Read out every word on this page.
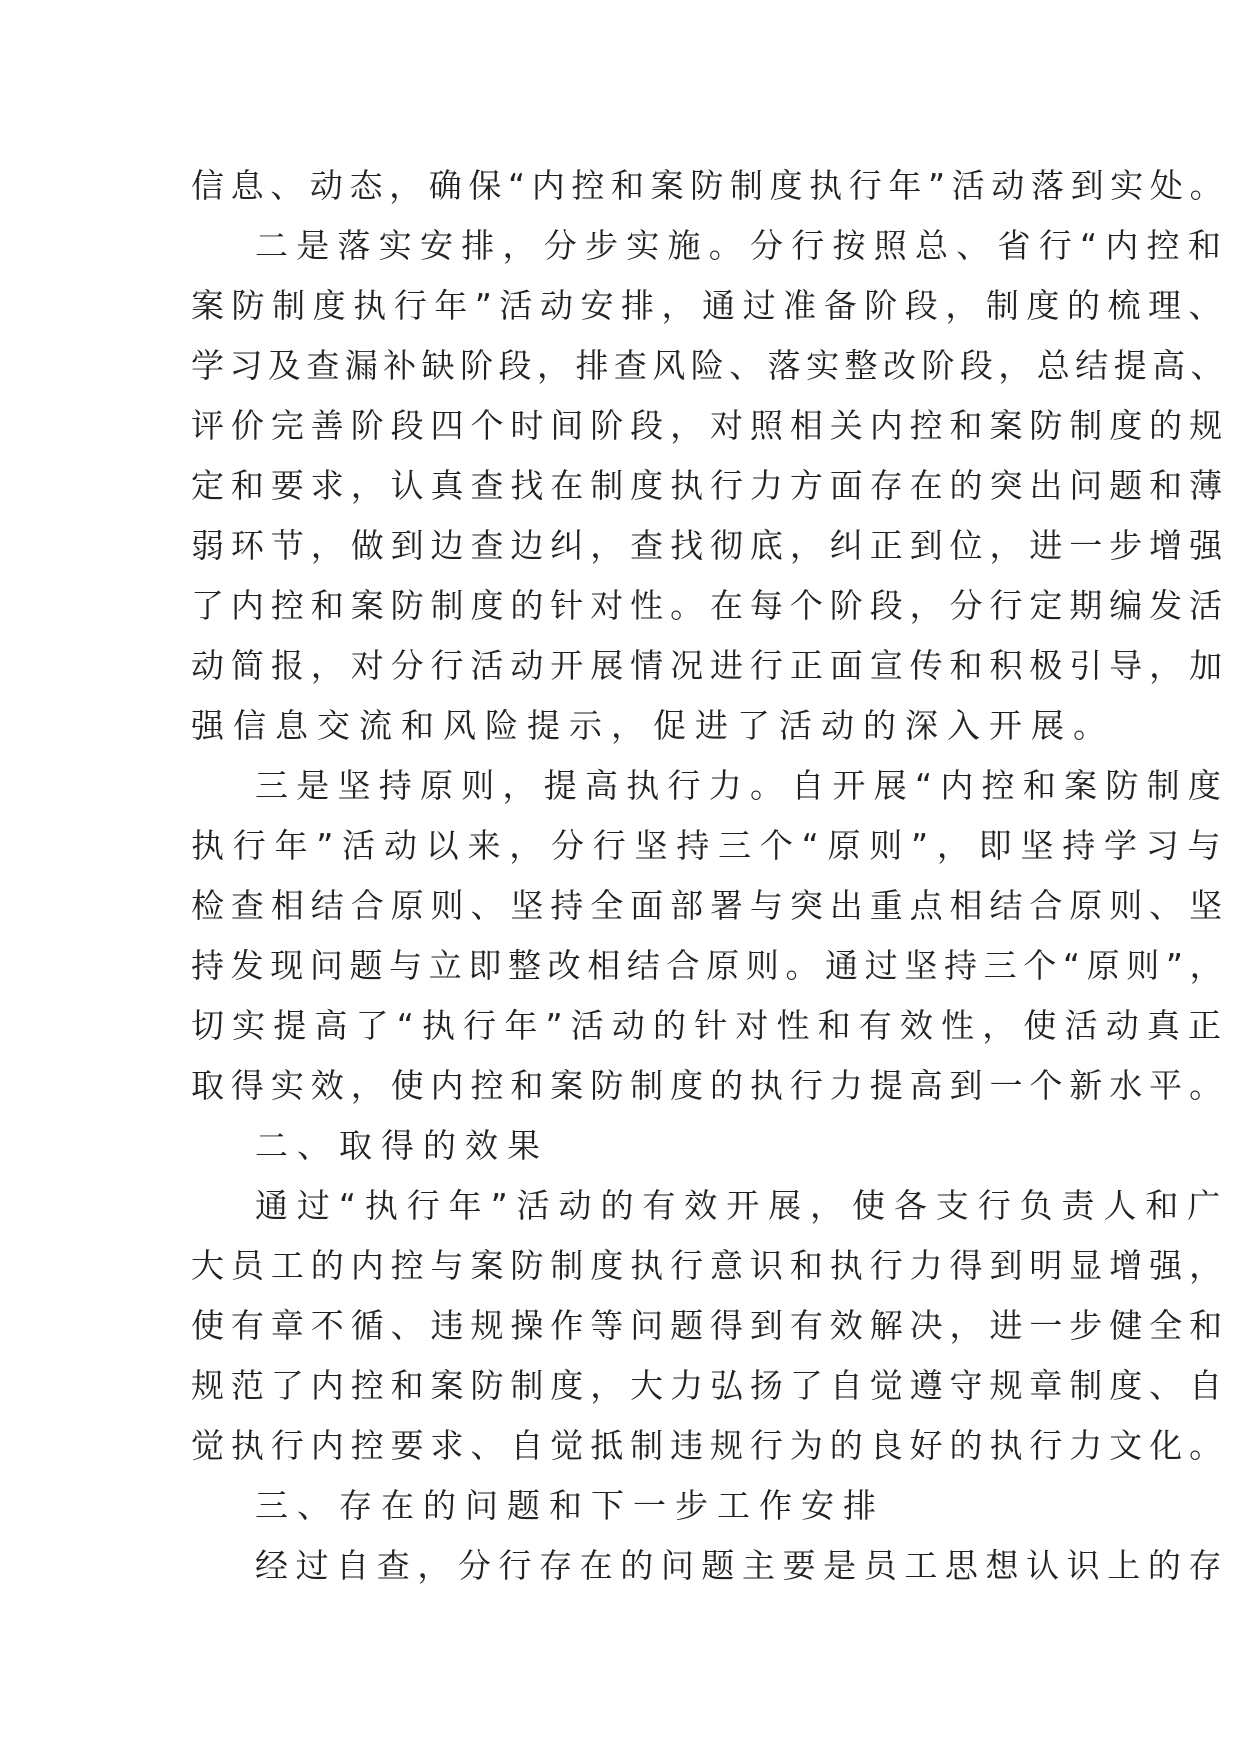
信息、动态，确保“内控和案防制度执行年”活动落到实处。
二是落实安排，分步实施。分行按照总、省行“内控和
案防制度执行年”活动安排，通过准备阶段，制度的梳理、
学习及查漏补缺阶段，排查风险、落实整改阶段，总结提高、
评价完善阶段四个时间阶段，对照相关内控和案防制度的规
定和要求，认真查找在制度执行力方面存在的突出问题和薄
弱环节，做到边查边纠，查找彻底，纠正到位，进一步增强
了内控和案防制度的针对性。在每个阶段，分行定期编发活
动简报，对分行活动开展情况进行正面宣传和积极引导，加
强信息交流和风险提示，促进了活动的深入开展。
三是坚持原则，提高执行力。自开展“内控和案防制度
执行年”活动以来，分行坚持三个“原则”，即坚持学习与
检查相结合原则、坚持全面部署与突出重点相结合原则、坚
持发现问题与立即整改相结合原则。通过坚持三个“原则”，
切实提高了“执行年”活动的针对性和有效性，使活动真正
取得实效，使内控和案防制度的执行力提高到一个新水平。
二、取得的效果
通过“执行年”活动的有效开展，使各支行负责人和广
大员工的内控与案防制度执行意识和执行力得到明显增强，
使有章不循、违规操作等问题得到有效解决，进一步健全和
规范了内控和案防制度，大力弘扬了自觉遵守规章制度、自
觉执行内控要求、自觉抵制违规行为的良好的执行力文化。
三、存在的问题和下一步工作安排
经过自查，分行存在的问题主要是员工思想认识上的存
